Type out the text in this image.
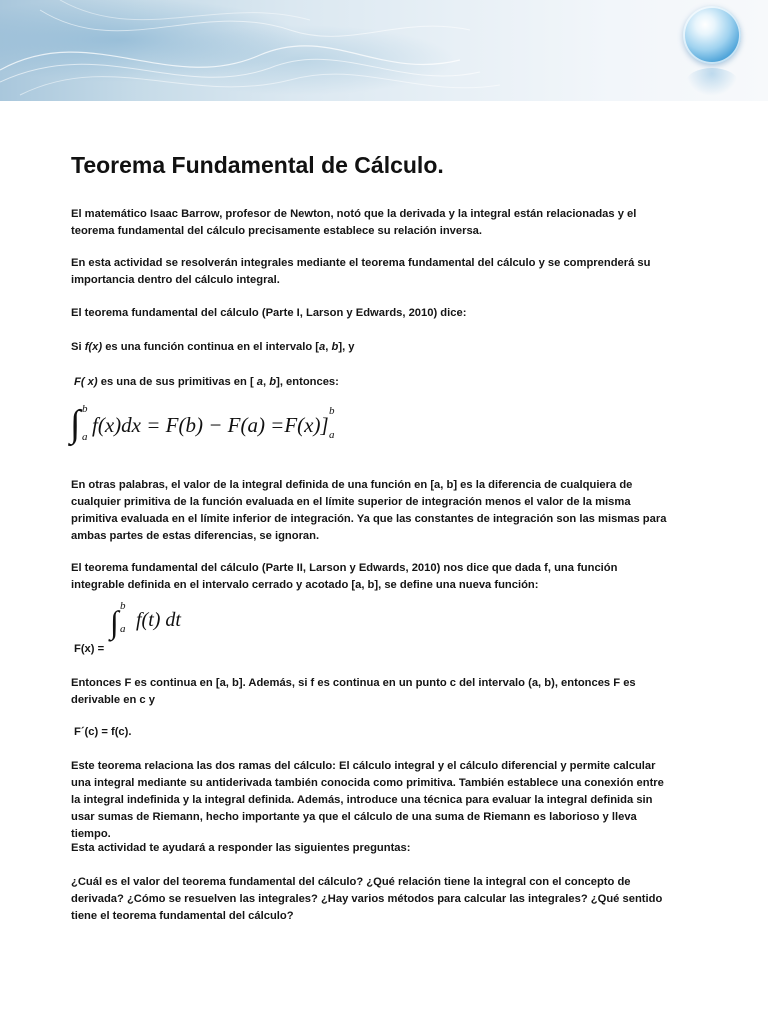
Teorema Fundamental de Cálculo.

El matemático Isaac Barrow, profesor de Newton, notó que la derivada y la integral están relacionadas y el teorema fundamental del cálculo precisamente establece su relación inversa.

En esta actividad se resolverán integrales mediante el teorema fundamental del cálculo y se comprenderá su importancia dentro del cálculo integral.

El teorema fundamental del cálculo (Parte I, Larson y Edwards, 2010) dice:

Si f(x) es una función continua en el intervalo [a, b], y

F( x) es una de sus primitivas en [ a, b], entonces:

∫ b
a f(x)dx = F(b) − F(a) =F(x)]
b
a

En otras palabras, el valor de la integral definida de una función en [a, b] es la diferencia de cualquiera de cualquier primitiva de la función evaluada en el límite superior de integración menos el valor de la misma primitiva evaluada en el límite inferior de integración. Ya que las constantes de integración son las mismas para ambas partes de estas diferencias, se ignoran.

El teorema fundamental del cálculo (Parte II, Larson y Edwards, 2010) nos dice que dada f, una función integrable definida en el intervalo cerrado y acotado [a, b], se define una nueva función:

∫ b
a f(t) dt

F(x) =

Entonces F es continua en [a, b]. Además, si f es continua en un punto c del intervalo (a, b), entonces F es derivable en c y

F´(c) = f(c).

Este teorema relaciona las dos ramas del cálculo: El cálculo integral y el cálculo diferencial y permite calcular una integral mediante su antiderivada también conocida como primitiva. También establece una conexión entre la integral indefinida y la integral definida. Además, introduce una técnica para evaluar la integral definida sin usar sumas de Riemann, hecho importante ya que el cálculo de una suma de Riemann es laborioso y lleva tiempo.

Esta actividad te ayudará a responder las siguientes preguntas:

¿Cuál es el valor del teorema fundamental del cálculo? ¿Qué relación tiene la integral con el concepto de derivada? ¿Cómo se resuelven las integrales? ¿Hay varios métodos para calcular las integrales? ¿Qué sentido tiene el teorema fundamental del cálculo?
